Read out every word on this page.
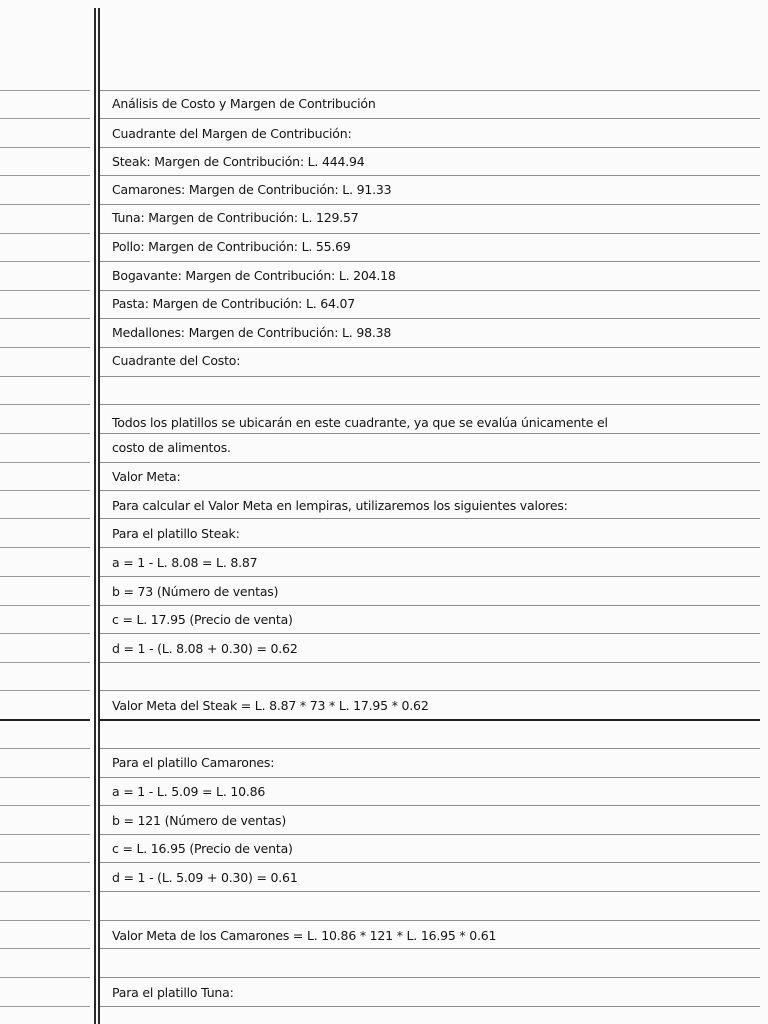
Análisis de Costo y Margen de Contribución
Cuadrante del Margen de Contribución:
Steak: Margen de Contribución: L. 444.94
Camarones: Margen de Contribución: L. 91.33
Tuna: Margen de Contribución: L. 129.57
Pollo: Margen de Contribución: L. 55.69
Bogavante: Margen de Contribución: L. 204.18
Pasta: Margen de Contribución: L. 64.07
Medallones: Margen de Contribución: L. 98.38
Cuadrante del Costo:
Todos los platillos se ubicarán en este cuadrante, ya que se evalúa únicamente el
costo de alimentos.
Valor Meta:
Para calcular el Valor Meta en lempiras, utilizaremos los siguientes valores:
Para el platillo Steak:
a = 1 - L. 8.08 = L. 8.87
b = 73 (Número de ventas)
c = L. 17.95 (Precio de venta)
d = 1 - (L. 8.08 + 0.30) = 0.62
Valor Meta del Steak = L. 8.87 * 73 * L. 17.95 * 0.62
Para el platillo Camarones:
a = 1 - L. 5.09 = L. 10.86
b = 121 (Número de ventas)
c = L. 16.95 (Precio de venta)
d = 1 - (L. 5.09 + 0.30) = 0.61
Valor Meta de los Camarones = L. 10.86 * 121 * L. 16.95 * 0.61
Para el platillo Tuna:
